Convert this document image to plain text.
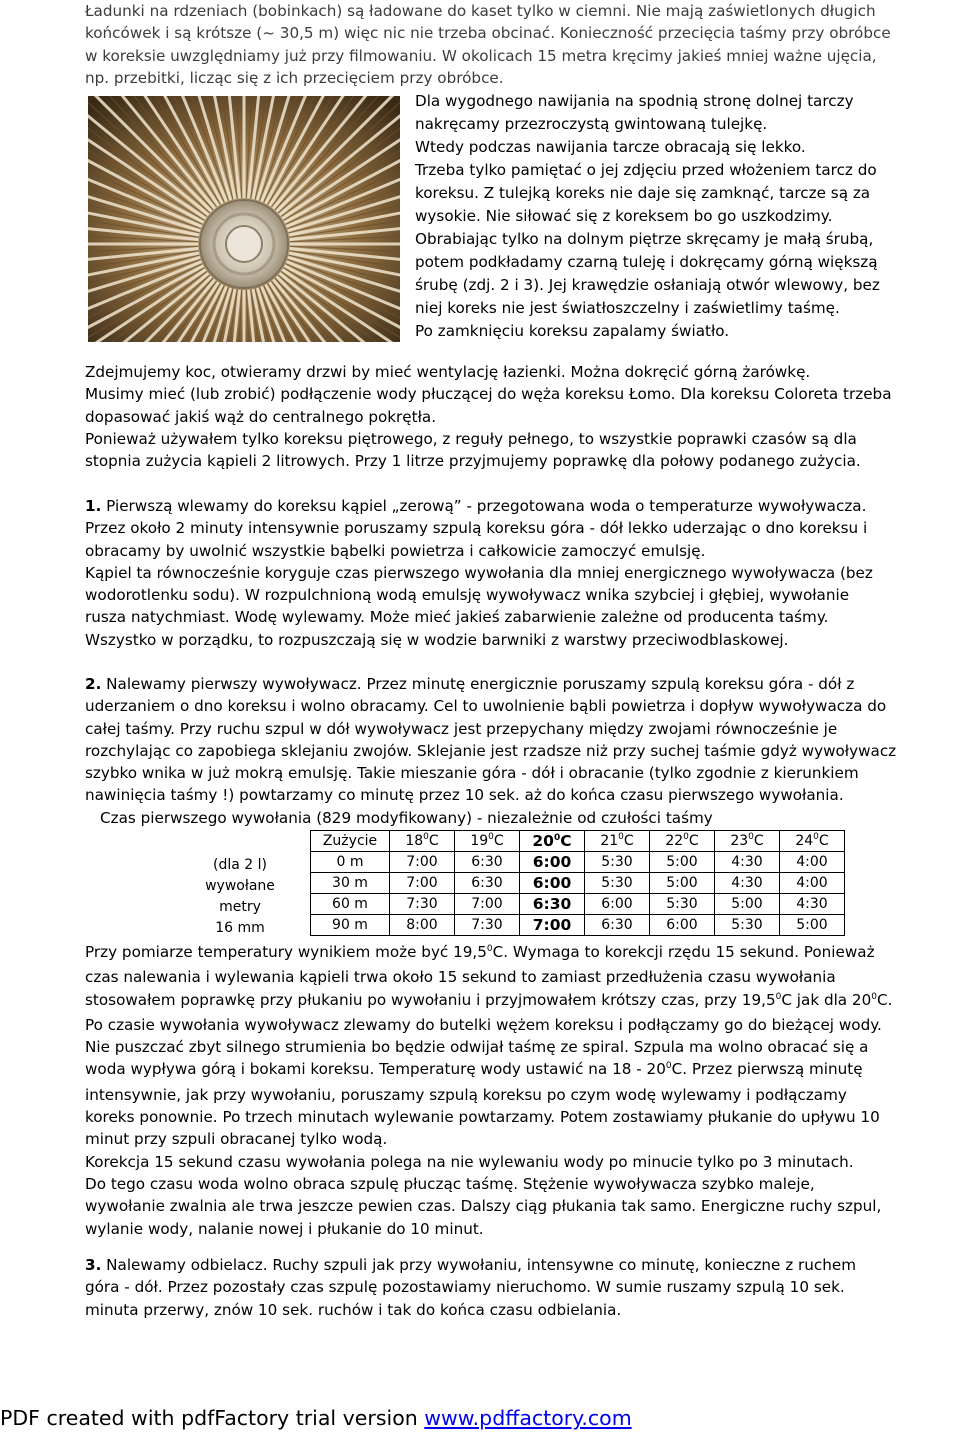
Ładunki na rdzeniach (bobinkach) są ładowane do kaset tylko w ciemni. Nie mają zaświetlonych długich
końcówek i są krótsze (~ 30,5 m) więc nic nie trzeba obcinać. Konieczność przecięcia taśmy przy obróbce
w koreksie uwzględniamy już przy filmowaniu. W okolicach 15 metra kręcimy jakieś mniej ważne ujęcia,
np. przebitki, licząc się z ich przecięciem przy obróbce.
Dla wygodnego nawijania na spodnią stronę dolnej tarczy
nakręcamy przezroczystą gwintowaną tulejkę.
Wtedy podczas nawijania tarcze obracają się lekko.
Trzeba tylko pamiętać o jej zdjęciu przed włożeniem tarcz do
koreksu. Z tulejką koreks nie daje się zamknąć, tarcze są za
wysokie. Nie siłować się z koreksem bo go uszkodzimy.
Obrabiając tylko na dolnym piętrze skręcamy je małą śrubą,
potem podkładamy czarną tuleję i dokręcamy górną większą
śrubę (zdj. 2 i 3). Jej krawędzie osłaniają otwór wlewowy, bez
niej koreks nie jest światłoszczelny i zaświetlimy taśmę.
Po zamknięciu koreksu zapalamy światło.
Zdejmujemy koc, otwieramy drzwi by mieć wentylację łazienki. Można dokręcić górną żarówkę.
Musimy mieć (lub zrobić) podłączenie wody płuczącej do węża koreksu Łomo. Dla koreksu Coloreta trzeba
dopasować jakiś wąż do centralnego pokrętła.
Ponieważ używałem tylko koreksu piętrowego, z reguły pełnego, to wszystkie poprawki czasów są dla
stopnia zużycia kąpieli 2 litrowych. Przy 1 litrze przyjmujemy poprawkę dla połowy podanego zużycia.
1. Pierwszą wlewamy do koreksu kąpiel „zerową” - przegotowana woda o temperaturze wywoływacza.
Przez około 2 minuty intensywnie poruszamy szpulą koreksu góra - dół lekko uderzając o dno koreksu i
obracamy by uwolnić wszystkie bąbelki powietrza i całkowicie zamoczyć emulsję.
Kąpiel ta równocześnie koryguje czas pierwszego wywołania dla mniej energicznego wywoływacza (bez
wodorotlenku sodu). W rozpulchnioną wodą emulsję wywoływacz wnika szybciej i głębiej, wywołanie
rusza natychmiast. Wodę wylewamy. Może mieć jakieś zabarwienie zależne od producenta taśmy.
Wszystko w porządku, to rozpuszczają się w wodzie barwniki z warstwy przeciwodblaskowej.
2. Nalewamy pierwszy wywoływacz. Przez minutę energicznie poruszamy szpulą koreksu góra - dół z
uderzaniem o dno koreksu i wolno obracamy. Cel to uwolnienie bąbli powietrza i dopływ wywoływacza do
całej taśmy. Przy ruchu szpul w dół wywoływacz jest przepychany między zwojami równocześnie je
rozchylając co zapobiega sklejaniu zwojów. Sklejanie jest rzadsze niż przy suchej taśmie gdyż wywoływacz
szybko wnika w już mokrą emulsję. Takie mieszanie góra - dół i obracanie (tylko zgodnie z kierunkiem
nawinięcia taśmy !) powtarzamy co minutę przez 10 sek. aż do końca czasu pierwszego wywołania.
Czas pierwszego wywołania (829 modyfikowany) - niezależnie od czułości taśmy
(dla 2 l)
wywołane
metry
16 mm
Zużycie	$18^0C$	$19^0C$	$20^0C$	$21^0C$	$22^0C$	$23^0C$	$24^0C$
0 m	7:00	6:30	6:00	5:30	5:00	4:30	4:00
30 m	7:00	6:30	6:00	5:30	5:00	4:30	4:00
60 m	7:30	7:00	6:30	6:00	5:30	5:00	4:30
90 m	8:00	7:30	7:00	6:30	6:00	5:30	5:00
Przy pomiarze temperatury wynikiem może być 19,5$^0$C. Wymaga to korekcji rzędu 15 sekund. Ponieważ
czas nalewania i wylewania kąpieli trwa około 15 sekund to zamiast przedłużenia czasu wywołania
stosowałem poprawkę przy płukaniu po wywołaniu i przyjmowałem krótszy czas, przy 19,5$^0$C jak dla $20^0C$.
Po czasie wywołania wywoływacz zlewamy do butelki wężem koreksu i podłączamy go do bieżącej wody.
Nie puszczać zbyt silnego strumienia bo będzie odwijał taśmę ze spiral. Szpula ma wolno obracać się a
woda wypływa górą i bokami koreksu. Temperaturę wody ustawić na $18 - 20^0C$. Przez pierwszą minutę
intensywnie, jak przy wywołaniu, poruszamy szpulą koreksu po czym wodę wylewamy i podłączamy
koreks ponownie. Po trzech minutach wylewanie powtarzamy. Potem zostawiamy płukanie do upływu 10
minut przy szpuli obracanej tylko wodą.
Korekcja 15 sekund czasu wywołania polega na nie wylewaniu wody po minucie tylko po 3 minutach.
Do tego czasu woda wolno obraca szpulę płucząc taśmę. Stężenie wywoływacza szybko maleje,
wywołanie zwalnia ale trwa jeszcze pewien czas. Dalszy ciąg płukania tak samo. Energiczne ruchy szpul,
wylanie wody, nalanie nowej i płukanie do 10 minut.
3. Nalewamy odbielacz. Ruchy szpuli jak przy wywołaniu, intensywne co minutę, konieczne z ruchem
góra - dół. Przez pozostały czas szpulę pozostawiamy nieruchomo. W sumie ruszamy szpulą 10 sek.
minuta przerwy, znów 10 sek. ruchów i tak do końca czasu odbielania.
PDF created with pdfFactory trial version www.pdffactory.com
